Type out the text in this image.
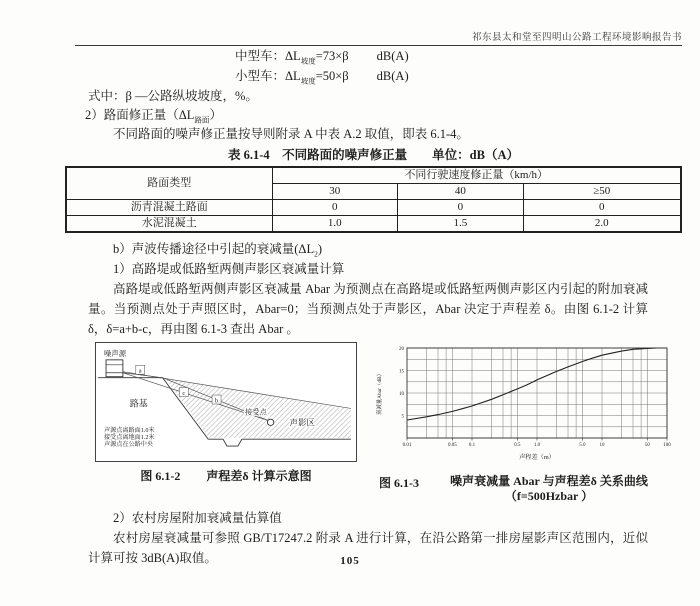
祁东县太和堂至四明山公路工程环境影响报告书
中型车：$\Delta L_{坡度}=73\times\beta$ dB(A)
小型车：$\Delta L_{坡度}=50\times\beta$ dB(A)
式中：β —公路纵坡坡度，%。
2）路面修正量$(\Delta L_{路面})$
不同路面的噪声修正量按导则附录 A 中表 A.2 取值，即表 6.1-4。
表 6.1-4　不同路面的噪声修正量　　单位：dB（A）
路面类型	不同行驶速度修正量（km/h）		
	30	40	≥50
沥青混凝土路面	0	0	0
水泥混凝土	1.0	1.5	2.0
b）声波传播途径中引起的衰减量$(\Delta L_2)$
1）高路堤或低路堑两侧声影区衰减量计算
高路堤或低路堑两侧声影区衰减量 Abar 为预测点在高路堤或低路堑两侧声影区内引起的附加衰减量。当预测点处于声照区时，Abar=0；当预测点处于声影区，Abar 决定于声程差 δ。由图 6.1-2 计算 δ，δ=a+b-c，再由图 6.1-3 查出 Abar 。
a
c
b
噪声源
路基
接受点
声影区
声源点离路面1.0米
接受点离地面1.2米
声源点在公路中央
图 6.1-2 声程差δ 计算示意图
0.01	0.05 0.1	0.5	1.0	5.0	10	50	100
5
10
15
20
声程差（m）
衰减量Abar（dB）
图 6.1-3	噪声衰减量 Abar 与声程差δ 关系曲线（f=500Hzbar ）
2）农村房屋附加衰减量估算值
农村房屋衰减量可参照 GB/T17247.2 附录 A 进行计算，在沿公路第一排房屋影声区范围内，近似计算可按 3dB(A)取值。	105
